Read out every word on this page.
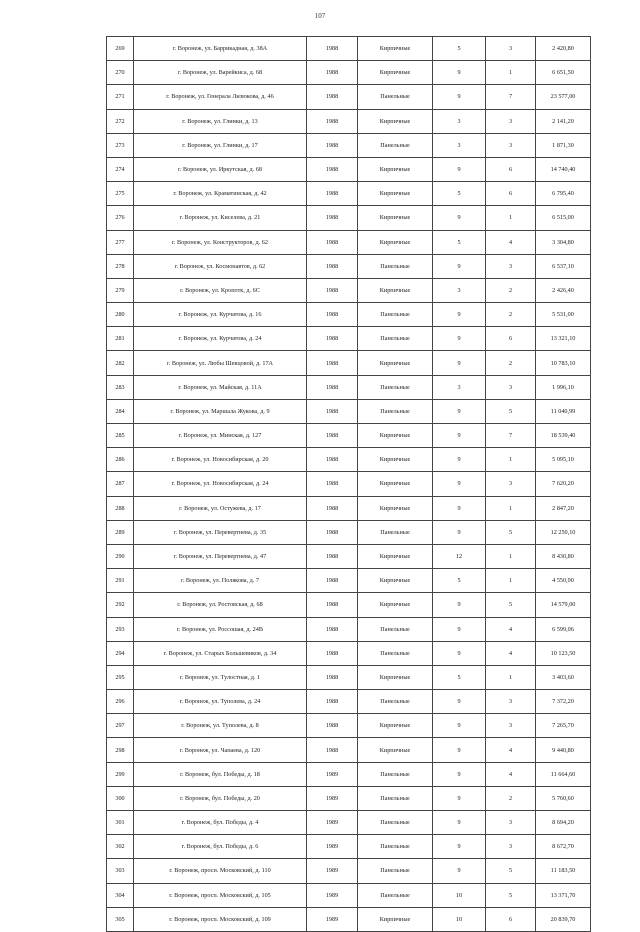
107
269	г. Воронеж, ул. Баррикадная, д. 38А	1988	Кирпичные	5	3	2 420,80
270	г. Воронеж, ул. Варейкиса, д. 68	1988	Кирпичные	9	1	6 651,50
271	г. Воронеж, ул. Генерала Лизюкова, д. 46	1988	Панельные	9	7	23 577,00
272	г. Воронеж, ул. Глинки, д. 13	1988	Кирпичные	3	3	2 141,20
273	г. Воронеж, ул. Глинки, д. 17	1988	Панельные	3	3	1 871,30
274	г. Воронеж, ул. Иркутская, д. 68	1988	Кирпичные	9	6	14 740,40
275	г. Воронеж, ул. Краматинская, д. 42	1988	Кирпичные	5	6	6 795,40
276	г. Воронеж, ул. Киселева, д. 21	1988	Кирпичные	9	1	6 515,00
277	г. Воронеж, ул. Конструкторов, д. 62	1988	Кирпичные	5	4	3 304,80
278	г. Воронеж, ул. Космонавтов, д. 62	1988	Панельные	9	3	6 537,10
279	г. Воронеж, ул. Кропотк, д. 6С	1988	Кирпичные	3	2	2 426,40
280	г. Воронеж, ул. Курчатова, д. 16	1988	Панельные	9	2	5 531,00
281	г. Воронеж, ул. Курчатова, д. 24	1988	Панельные	9	6	13 321,10
282	г. Воронеж, ул. Любы Шевцовой, д. 17А	1988	Кирпичные	9	2	10 783,10
283	г. Воронеж, ул. Майская, д. 11А	1988	Панельные	3	3	1 996,10
284	г. Воронеж, ул. Маршала Жукова, д. 9	1988	Панельные	9	5	11 040,99
285	г. Воронеж, ул. Минская, д. 127	1988	Кирпичные	9	7	18 539,40
286	г. Воронеж, ул. Новосибирская, д. 20	1988	Кирпичные	9	1	5 095,10
287	г. Воронеж, ул. Новосибирская, д. 24	1988	Кирпичные	9	3	7 620,20
288	г. Воронеж, ул. Остужева, д. 17	1988	Кирпичные	9	1	2 847,20
289	г. Воронеж, ул. Перевертнева, д. 35	1988	Панельные	9	5	12 250,10
290	г. Воронеж, ул. Перевертнева, д. 47	1988	Кирпичные	12	1	8 430,80
291	г. Воронеж, ул. Полякова, д. 7	1988	Кирпичные	5	1	4 550,90
292	г. Воронеж, ул. Ростовская, д. 68	1988	Кирпичные	9	5	14 579,00
293	г. Воронеж, ул. Россошая, д. 24В	1988	Панельные	9	4	6 599,06
294	г. Воронеж, ул. Старых Большевиков, д. 34	1988	Панельные	9	4	10 123,50
295	г. Воронеж, ул. Тулостная, д. 1	1988	Кирпичные	5	1	3 403,60
296	г. Воронеж, ул. Туполева, д. 24	1988	Панельные	9	3	7 372,20
297	г. Воронеж, ул. Туполева, д. 8	1988	Кирпичные	9	3	7 265,70
298	г. Воронеж, ул. Чапаева, д. 120	1988	Кирпичные	9	4	9 440,80
299	г. Воронеж, бул. Победы, д. 18	1989	Панельные	9	4	11 664,60
300	г. Воронеж, бул. Победы, д. 20	1989	Панельные	9	2	5 760,60
301	г. Воронеж, бул. Победы, д. 4	1989	Панельные	9	3	8 694,20
302	г. Воронеж, бул. Победы, д. 6	1989	Панельные	9	3	8 672,70
303	г. Воронеж, просп. Московский, д. 110	1989	Панельные	9	5	11 183,50
304	г. Воронеж, просп. Московский, д. 105	1989	Панельные	10	5	13 371,70
305	г. Воронеж, просп. Московский, д. 109	1989	Кирпичные	10	6	20 839,70
